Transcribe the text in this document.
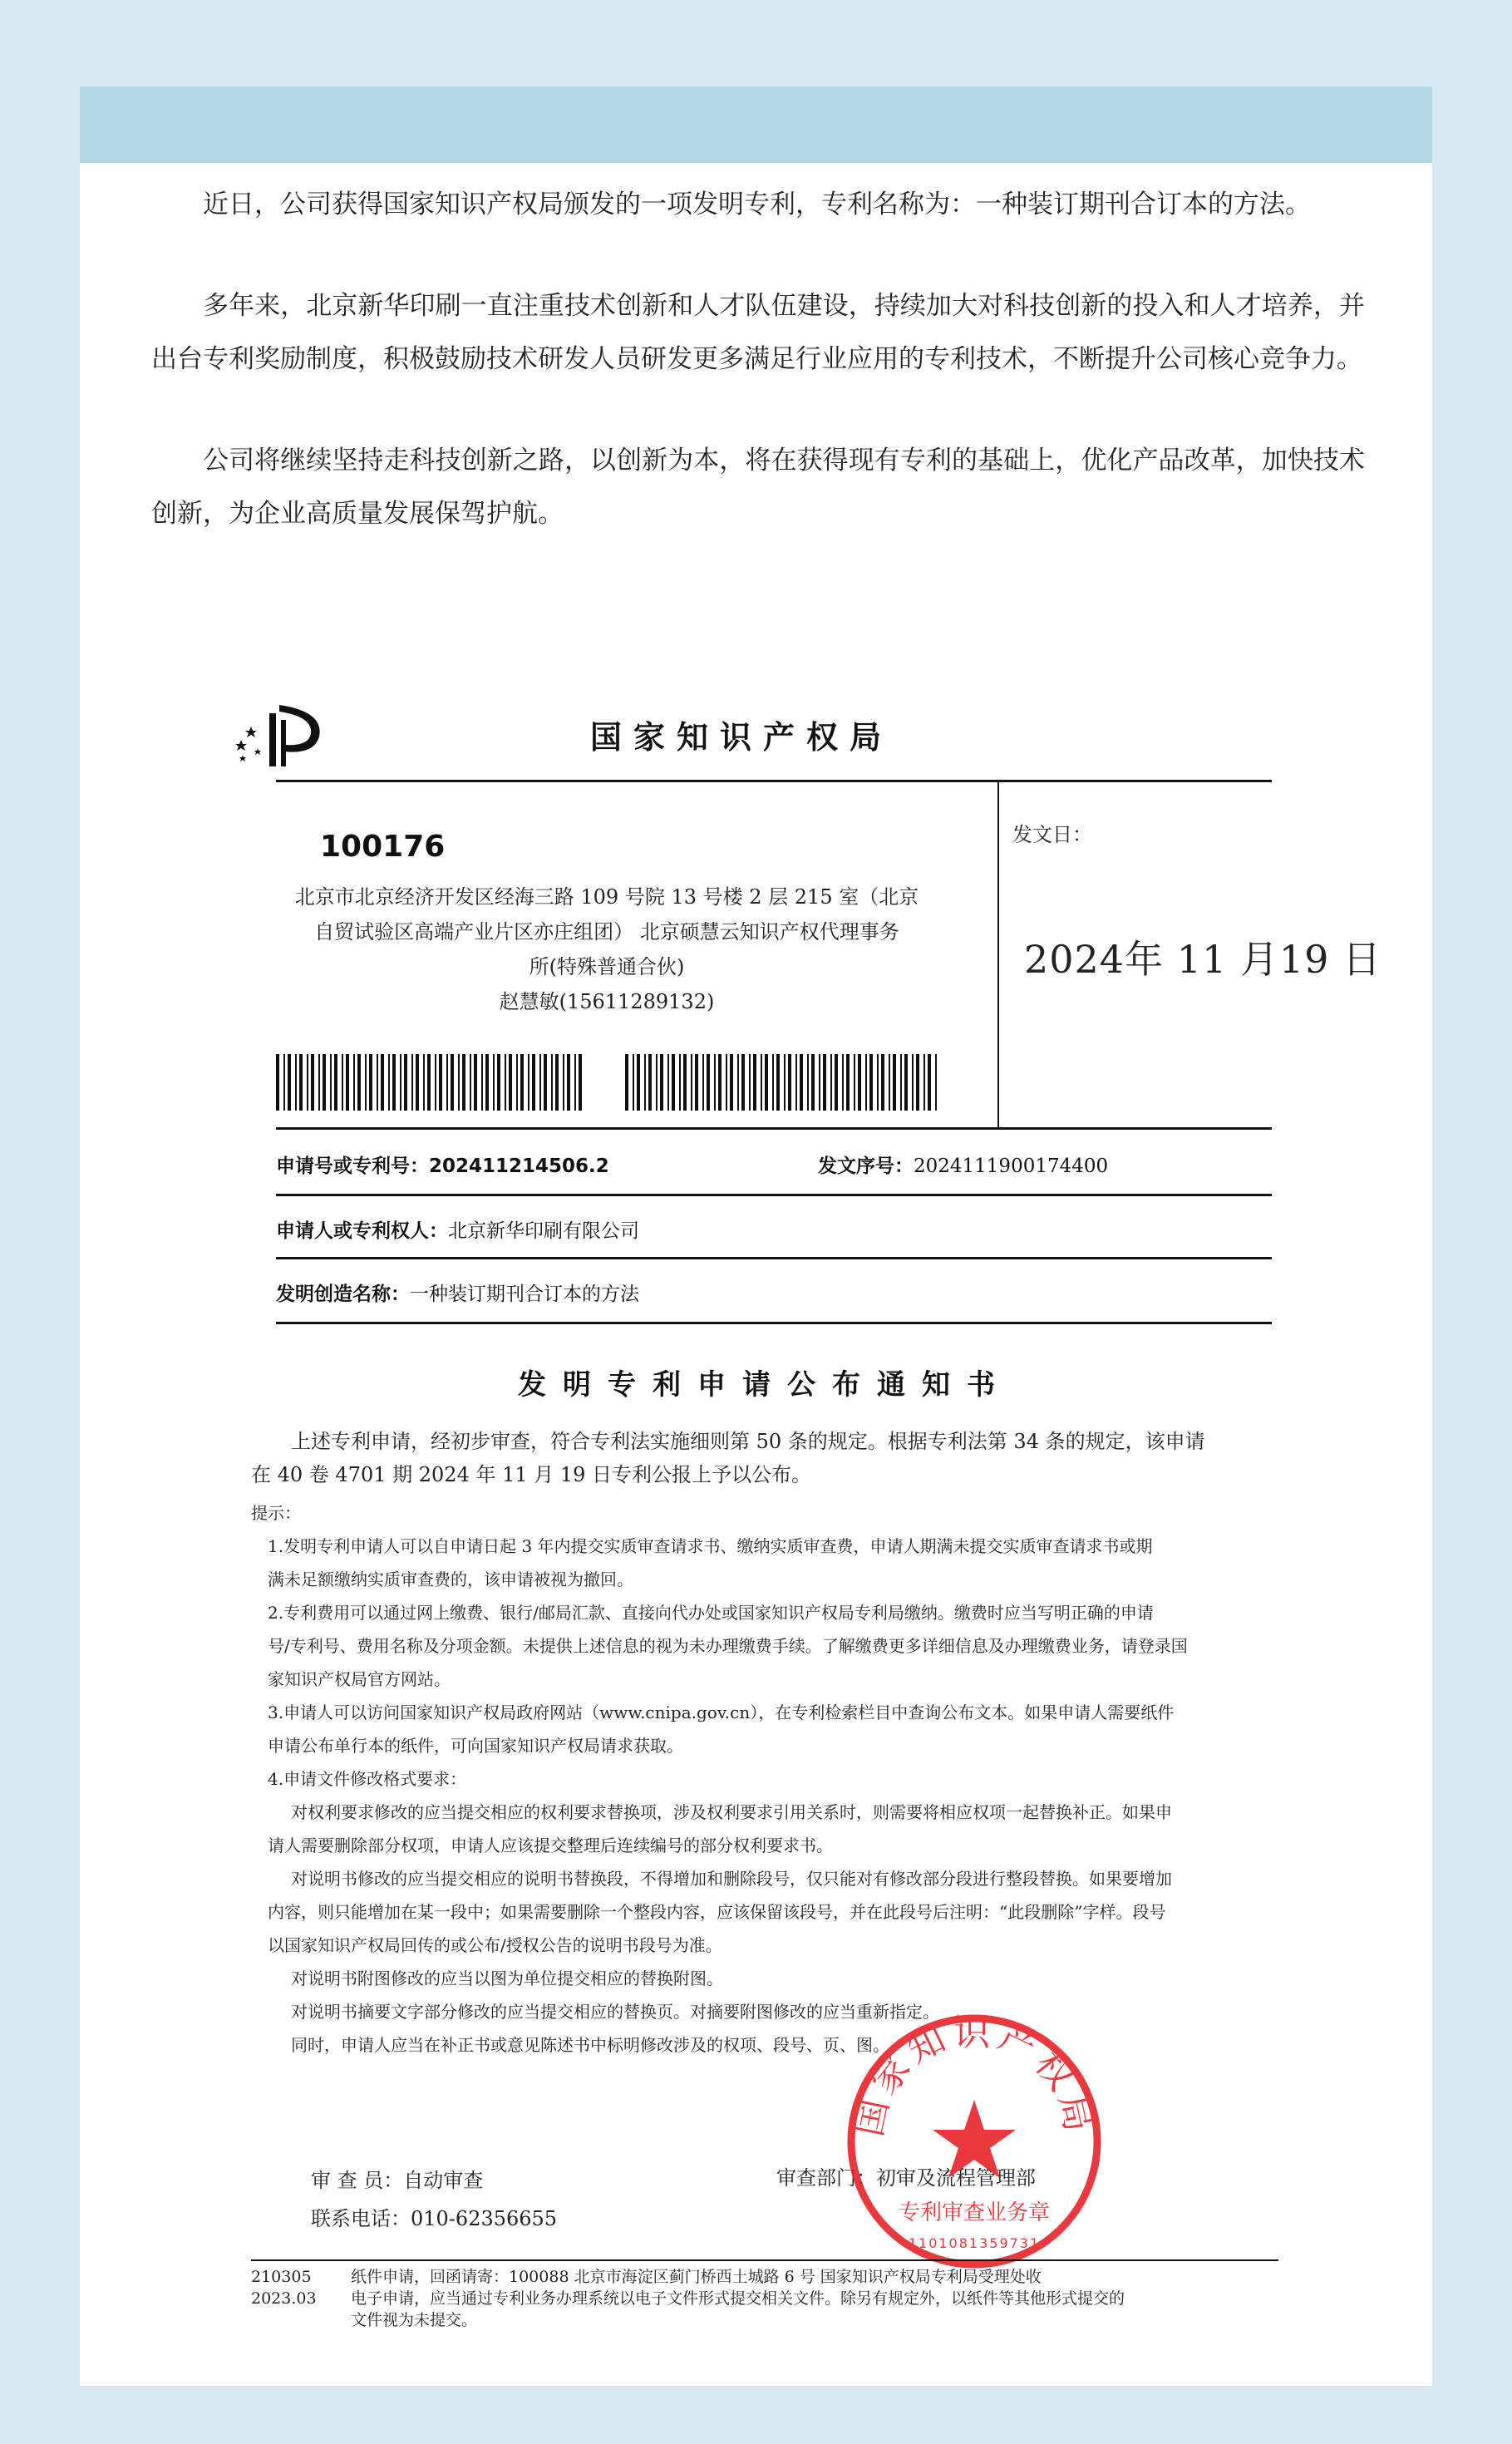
近日，公司获得国家知识产权局颁发的一项发明专利，专利名称为：一种装订期刊合订本的方法。

多年来，北京新华印刷一直注重技术创新和人才队伍建设，持续加大对科技创新的投入和人才培养，并出台专利奖励制度，积极鼓励技术研发人员研发更多满足行业应用的专利技术，不断提升公司核心竞争力。

公司将继续坚持走科技创新之路，以创新为本，将在获得现有专利的基础上，优化产品改革，加快技术创新，为企业高质量发展保驾护航。

国家知识产权局
100176
北京市北京经济开发区经海三路 109 号院 13 号楼 2 层 215 室（北京
自贸试验区高端产业片区亦庄组团） 北京硕慧云知识产权代理事务
所(特殊普通合伙)
赵慧敏(15611289132)
发文日：
2024年 11 月19 日
申请号或专利号：202411214506.2	发文序号：2024111900174400
申请人或专利权人：北京新华印刷有限公司
发明创造名称：一种装订期刊合订本的方法
发明专利申请公布通知书
上述专利申请，经初步审查，符合专利法实施细则第 50 条的规定。根据专利法第 34 条的规定，该申请
在 40 卷 4701 期 2024 年 11 月 19 日专利公报上予以公布。
提示：
1.发明专利申请人可以自申请日起 3 年内提交实质审查请求书、缴纳实质审查费，申请人期满未提交实质审查请求书或期
满未足额缴纳实质审查费的，该申请被视为撤回。
2.专利费用可以通过网上缴费、银行/邮局汇款、直接向代办处或国家知识产权局专利局缴纳。缴费时应当写明正确的申请
号/专利号、费用名称及分项金额。未提供上述信息的视为未办理缴费手续。了解缴费更多详细信息及办理缴费业务，请登录国
家知识产权局官方网站。
3.申请人可以访问国家知识产权局政府网站（www.cnipa.gov.cn），在专利检索栏目中查询公布文本。如果申请人需要纸件
申请公布单行本的纸件，可向国家知识产权局请求获取。
4.申请文件修改格式要求：
对权利要求修改的应当提交相应的权利要求替换项，涉及权利要求引用关系时，则需要将相应权项一起替换补正。如果申
请人需要删除部分权项，申请人应该提交整理后连续编号的部分权利要求书。
对说明书修改的应当提交相应的说明书替换段，不得增加和删除段号，仅只能对有修改部分段进行整段替换。如果要增加
内容，则只能增加在某一段中；如果需要删除一个整段内容，应该保留该段号，并在此段号后注明：“此段删除”字样。段号
以国家知识产权局回传的或公布/授权公告的说明书段号为准。
对说明书附图修改的应当以图为单位提交相应的替换附图。
对说明书摘要文字部分修改的应当提交相应的替换页。对摘要附图修改的应当重新指定。
同时，申请人应当在补正书或意见陈述书中标明修改涉及的权项、段号、页、图。
审 查 员：自动审查
联系电话：010-62356655
审查部门：初审及流程管理部
国家知识产权局
专利审查业务章
1101081359731
210305 纸件申请，回函请寄：100088 北京市海淀区蓟门桥西土城路 6 号 国家知识产权局专利局受理处收
2023.03 电子申请，应当通过专利业务办理系统以电子文件形式提交相关文件。除另有规定外，以纸件等其他形式提交的
文件视为未提交。
